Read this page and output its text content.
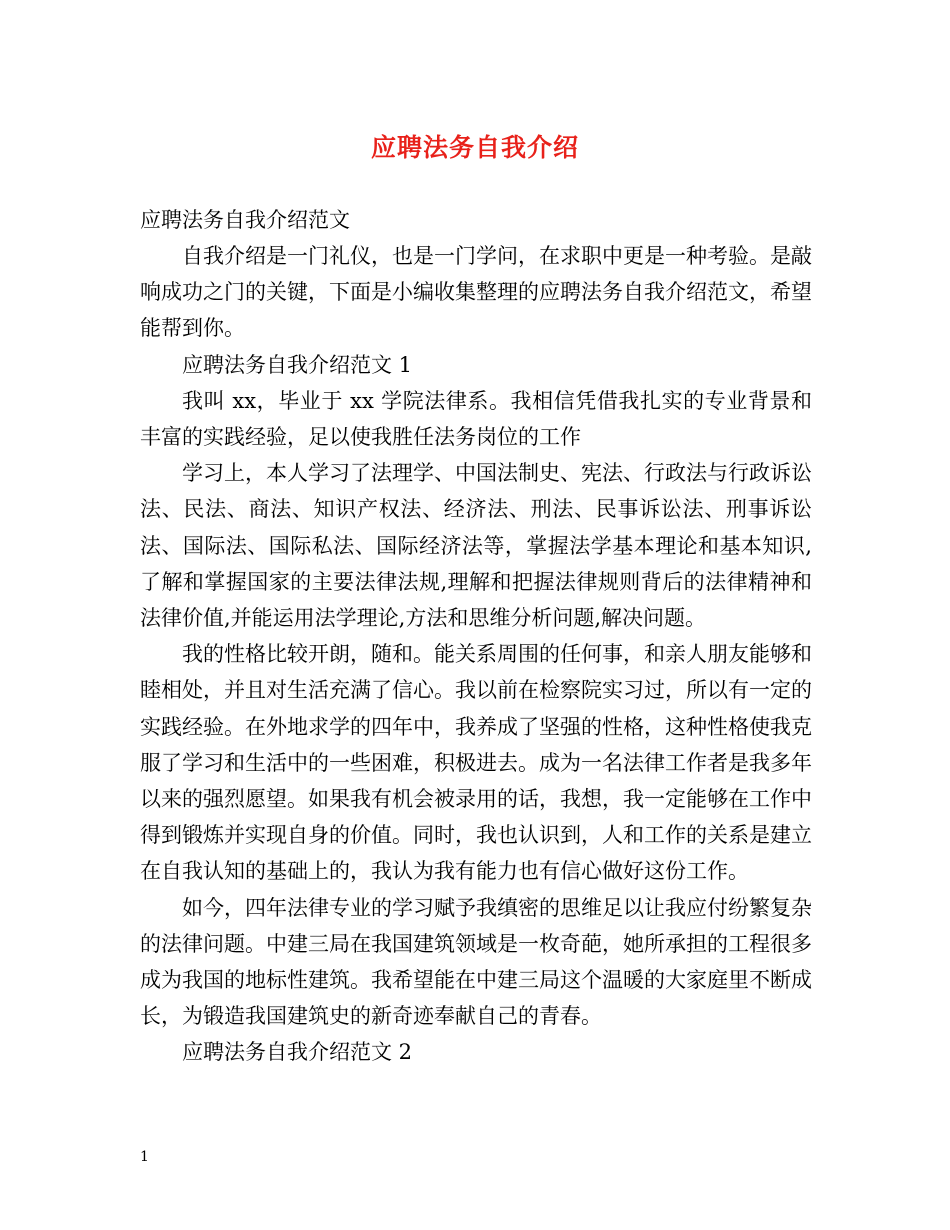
应聘法务自我介绍
应聘法务自我介绍范文

自我介绍是一门礼仪，也是一门学问，在求职中更是一种考验。是敲响成功之门的关键，下面是小编收集整理的应聘法务自我介绍范文，希望能帮到你。

应聘法务自我介绍范文 1

我叫 xx，毕业于 xx 学院法律系。我相信凭借我扎实的专业背景和丰富的实践经验，足以使我胜任法务岗位的工作

学习上，本人学习了法理学、中国法制史、宪法、行政法与行政诉讼法、民法、商法、知识产权法、经济法、刑法、民事诉讼法、刑事诉讼法、国际法、国际私法、国际经济法等，掌握法学基本理论和基本知识,了解和掌握国家的主要法律法规,理解和把握法律规则背后的法律精神和法律价值,并能运用法学理论,方法和思维分析问题,解决问题。

我的性格比较开朗，随和。能关系周围的任何事，和亲人朋友能够和睦相处，并且对生活充满了信心。我以前在检察院实习过，所以有一定的实践经验。在外地求学的四年中，我养成了坚强的性格，这种性格使我克服了学习和生活中的一些困难，积极进去。成为一名法律工作者是我多年以来的强烈愿望。如果我有机会被录用的话，我想，我一定能够在工作中得到锻炼并实现自身的价值。同时，我也认识到，人和工作的关系是建立在自我认知的基础上的，我认为我有能力也有信心做好这份工作。

如今，四年法律专业的学习赋予我缜密的思维足以让我应付纷繁复杂的法律问题。中建三局在我国建筑领域是一枚奇葩，她所承担的工程很多成为我国的地标性建筑。我希望能在中建三局这个温暖的大家庭里不断成长，为锻造我国建筑史的新奇迹奉献自己的青春。

应聘法务自我介绍范文 2

1
